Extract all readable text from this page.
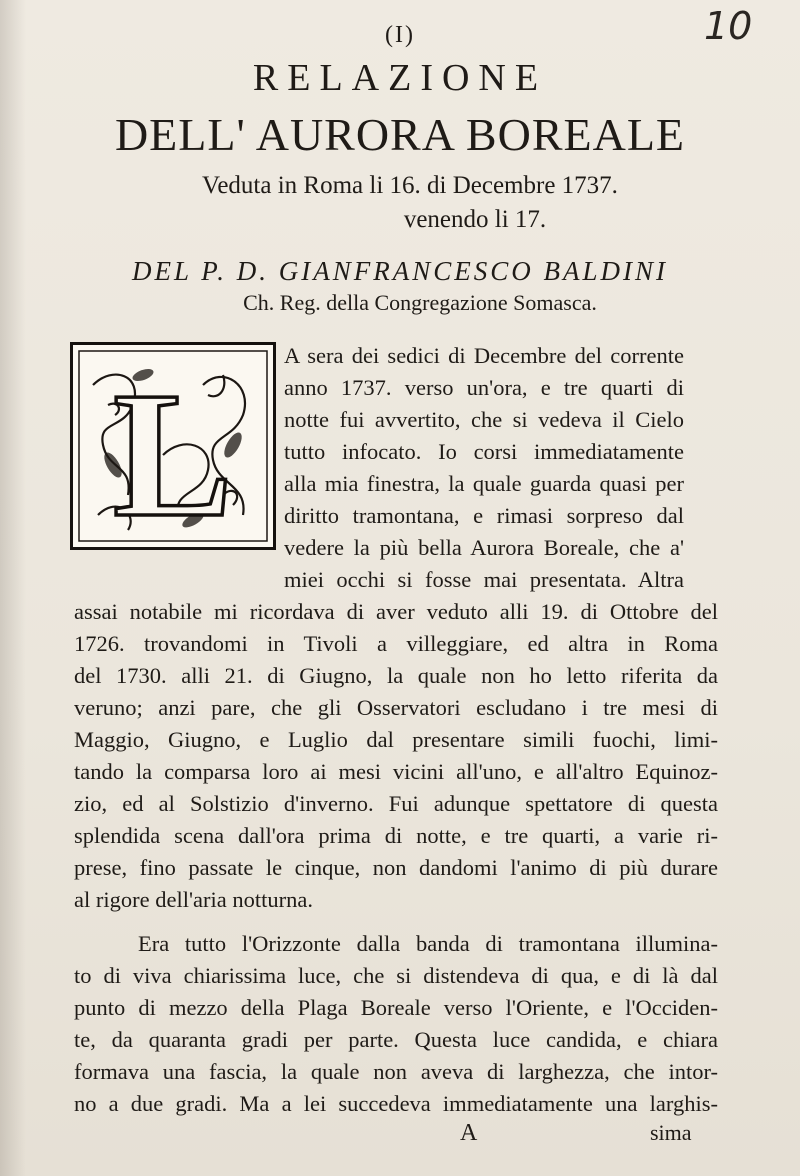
(I)	10
RELAZIONE
DELL' AURORA BOREALE
Veduta in Roma li 16. di Decembre 1737.
venendo li 17.
DEL P. D. GIANFRANCESCO BALDINI
Ch. Reg. della Congregazione Somasca.
L A sera dei sedici di Decembre del corrente
anno 1737. verso un'ora, e tre quarti di
notte fui avvertito, che si vedeva il Cielo
tutto infocato. Io corsi immediatamente
alla mia finestra, la quale guarda quasi per
diritto tramontana, e rimasi sorpreso dal
vedere la più bella Aurora Boreale, che a'
miei occhi si fosse mai presentata. Altra
assai notabile mi ricordava di aver veduto alli 19. di Ottobre del
1726. trovandomi in Tivoli a villeggiare, ed altra in Roma
del 1730. alli 21. di Giugno, la quale non ho letto riferita da
veruno; anzi pare, che gli Osservatori escludano i tre mesi di
Maggio, Giugno, e Luglio dal presentare simili fuochi, limi-
tando la comparsa loro ai mesi vicini all'uno, e all'altro Equinoz-
zio, ed al Solstizio d'inverno. Fui adunque spettatore di questa
splendida scena dall'ora prima di notte, e tre quarti, a varie ri-
prese, fino passate le cinque, non dandomi l'animo di più durare
al rigore dell'aria notturna.
Era tutto l'Orizzonte dalla banda di tramontana illumina-
to di viva chiarissima luce, che si distendeva di qua, e di là dal
punto di mezzo della Plaga Boreale verso l'Oriente, e l'Occiden-
te, da quaranta gradi per parte. Questa luce candida, e chiara
formava una fascia, la quale non aveva di larghezza, che intor-
no a due gradi. Ma a lei succedeva immediatamente una larghis-
A	sima
